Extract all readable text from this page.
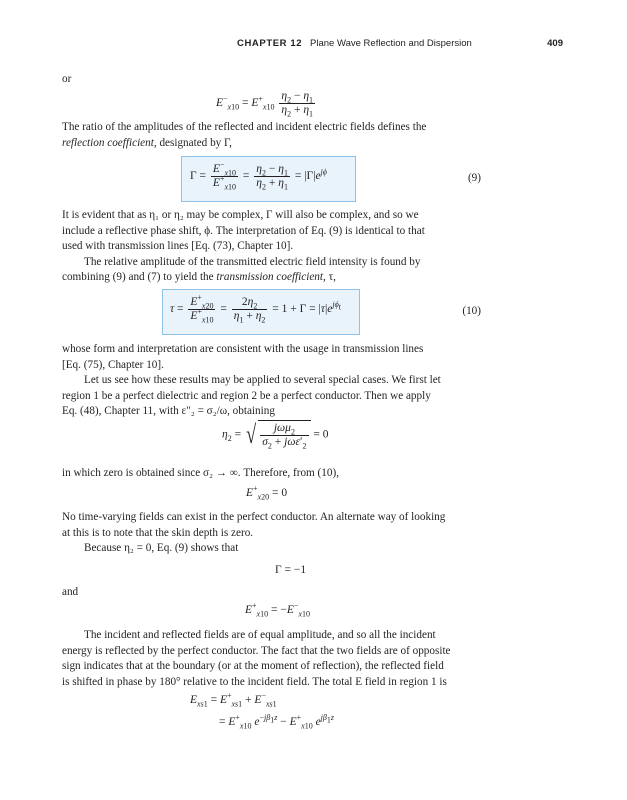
CHAPTER 12 Plane Wave Reflection and Dispersion	409
or
$E^-_{x10} = E^+_{x10} \frac{\eta_2 - \eta_1}{\eta_2 + \eta_1}$

The ratio of the amplitudes of the reflected and incident electric fields defines the

reflection coefficient, designated by Γ,

$\Gamma = \frac{E^-_{x10}}{E^+_{x10}} = \frac{\eta_2 - \eta_1}{\eta_2 + \eta_1} = |\Gamma|e^{j\phi}$
(9)

It is evident that as η₁ or η₂ may be complex, Γ will also be complex, and so we

include a reflective phase shift, ϕ. The interpretation of Eq. (9) is identical to that

used with transmission lines [Eq. (73), Chapter 10].

The relative amplitude of the transmitted electric field intensity is found by

combining (9) and (7) to yield the transmission coefficient, τ,

$\tau = \frac{E^+_{x20}}{E^+_{x10}} = \frac{2\eta_2}{\eta_1 + \eta_2} = 1 + \Gamma = |\tau|e^{j\phi_t}$	(10)

whose form and interpretation are consistent with the usage in transmission lines

[Eq. (75), Chapter 10].

Let us see how these results may be applied to several special cases. We first let

region 1 be a perfect dielectric and region 2 be a perfect conductor. Then we apply

Eq. (48), Chapter 11, with ε″₂ = σ₂/ω, obtaining

$\eta_2$ = √ $\frac{j\omega\mu_2}{\sigma_2 + j\omega\varepsilon'_2} = 0$
in which zero is obtained since σ₂ → ∞. Therefore, from (10),
$E^+_{x20} = 0$

No time-varying fields can exist in the perfect conductor. An alternate way of looking

at this is to note that the skin depth is zero.

Because η₂ = 0, Eq. (9) shows that

Γ = −1
and
$E^+_{x10} = -E^-_{x10}$

The incident and reflected fields are of equal amplitude, and so all the incident

energy is reflected by the perfect conductor. The fact that the two fields are of opposite

sign indicates that at the boundary (or at the moment of reflection), the reflected field

is shifted in phase by 180° relative to the incident field. The total E field in region 1 is

$E_{xs1} = E^+_{xs1} + E^-_{xs1}$
= $E^+_{x10}$ $e^{-j\beta_1z} - E^+_{x10}$ $e^{j\beta_1z}$
